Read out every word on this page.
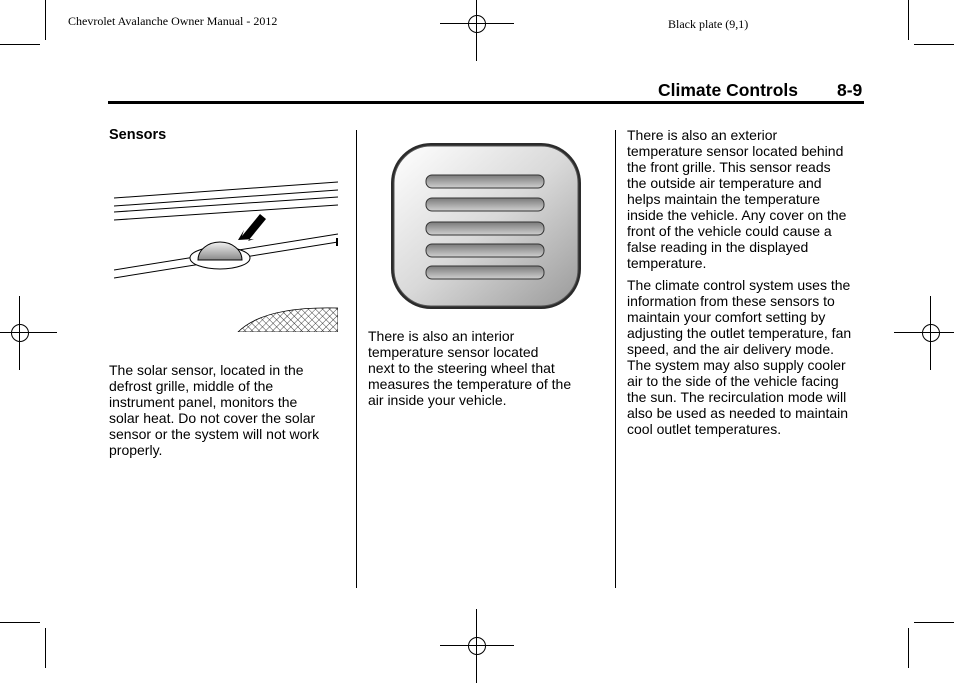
Chevrolet Avalanche Owner Manual - 2012	Black plate (9,1)
Climate Controls 8-9
Sensors
The solar sensor, located in the
defrost grille, middle of the
instrument panel, monitors the
solar heat. Do not cover the solar
sensor or the system will not work
properly.
There is also an interior
temperature sensor located
next to the steering wheel that
measures the temperature of the
air inside your vehicle.
There is also an exterior
temperature sensor located behind
the front grille. This sensor reads
the outside air temperature and
helps maintain the temperature
inside the vehicle. Any cover on the
front of the vehicle could cause a
false reading in the displayed
temperature.
The climate control system uses the
information from these sensors to
maintain your comfort setting by
adjusting the outlet temperature, fan
speed, and the air delivery mode.
The system may also supply cooler
air to the side of the vehicle facing
the sun. The recirculation mode will
also be used as needed to maintain
cool outlet temperatures.
